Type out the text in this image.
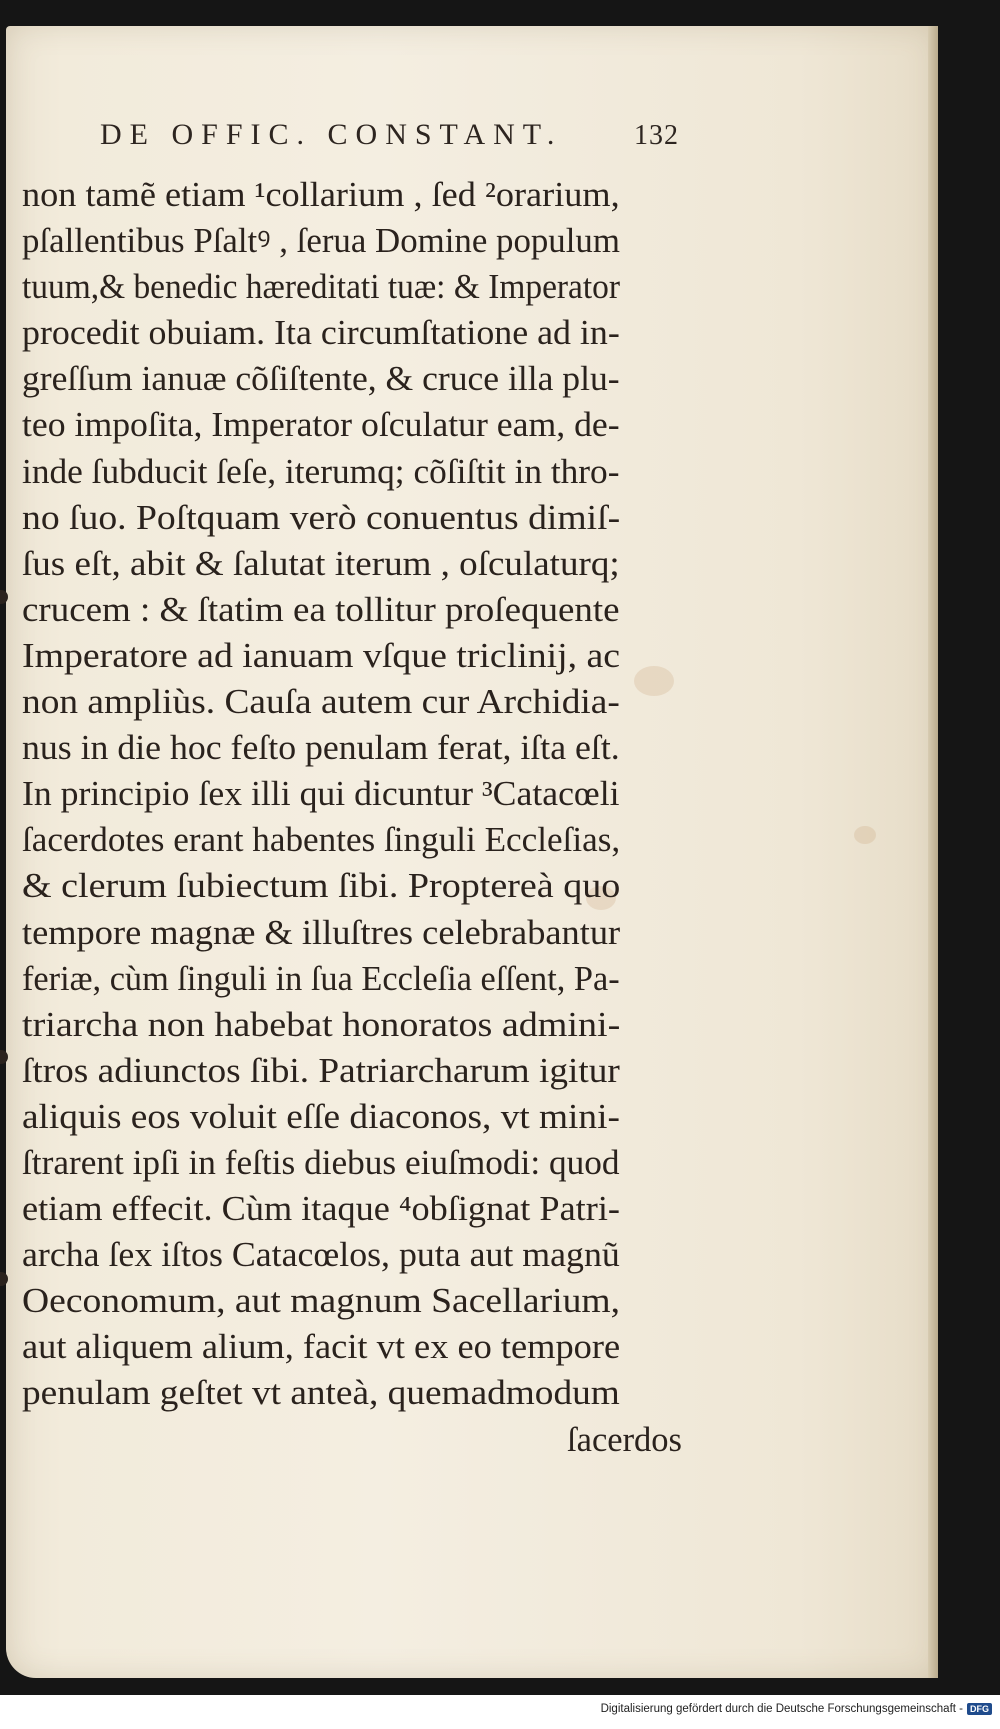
DE OFFIC. CONSTANT.	132
non tamẽ etiam ¹collarium , ſed ²orarium,
pſallentibus Pſaltꝰ , ſerua Domine populum
tuum,& benedic hæreditati tuæ: & Imperator
procedit obuiam. Ita circumſtatione ad in-
greſſum ianuæ cõſiſtente, & cruce illa plu-
teo impoſita, Imperator oſculatur eam, de-
inde ſubducit ſeſe, iterumq; cõſiſtit in thro-
no ſuo. Poſtquam verò conuentus dimiſ-
ſus eſt, abit & ſalutat iterum , oſculaturq;
crucem : & ſtatim ea tollitur proſequente
Imperatore ad ianuam vſque triclinij, ac
non ampliùs. Cauſa autem cur Archidia-
nus in die hoc feſto penulam ferat, iſta eſt.
In principio ſex illi qui dicuntur ³Catacœli
ſacerdotes erant habentes ſinguli Eccleſias,
& clerum ſubiectum ſibi. Proptereà quo
tempore magnæ & illuſtres celebrabantur
feriæ, cùm ſinguli in ſua Eccleſia eſſent, Pa-
triarcha non habebat honoratos admini-
ſtros adiunctos ſibi. Patriarcharum igitur
aliquis eos voluit eſſe diaconos, vt mini-
ſtrarent ipſi in feſtis diebus eiuſmodi: quod
etiam effecit. Cùm itaque ⁴obſignat Patri-
archa ſex iſtos Catacœlos, puta aut magnũ
Oeconomum, aut magnum Sacellarium,
aut aliquem alium, facit vt ex eo tempore
penulam geſtet vt anteà, quemadmodum
ſacerdos
Digitalisierung gefördert durch die Deutsche Forschungsgemeinschaft - DFG
